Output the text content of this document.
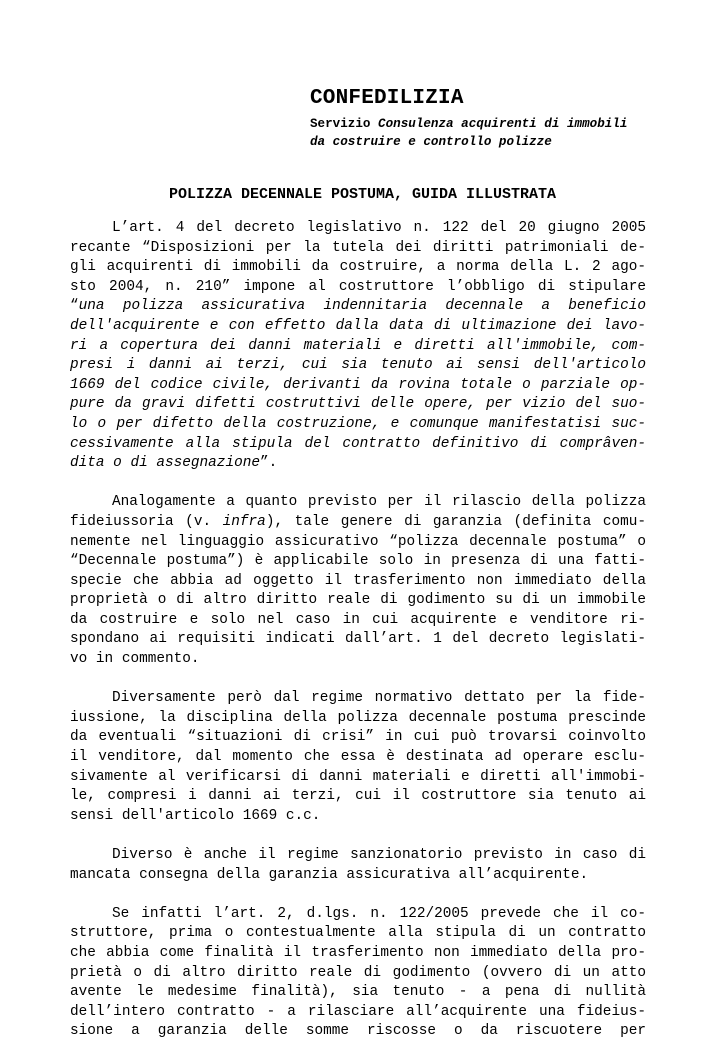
CONFEDILIZIA
Servizio Consulenza acquirenti di immobili
da costruire e controllo polizze
POLIZZA DECENNALE POSTUMA, GUIDA ILLUSTRATA
L’art. 4 del decreto legislativo n. 122 del 20 giugno 2005
recante “Disposizioni per la tutela dei diritti patrimoniali de-
gli acquirenti di immobili da costruire, a norma della L. 2 ago-
sto 2004, n. 210” impone al costruttore l’obbligo di stipulare
“una polizza assicurativa indennitaria decennale a beneficio
dell'acquirente e con effetto dalla data di ultimazione dei lavo-
ri a copertura dei danni materiali e diretti all'immobile, com-
presi i danni ai terzi, cui sia tenuto ai sensi dell'articolo
1669 del codice civile, derivanti da rovina totale o parziale op-
pure da gravi difetti costruttivi delle opere, per vizio del suo-
lo o per difetto della costruzione, e comunque manifestatisi suc-
cessivamente alla stipula del contratto definitivo di comprâven-
dita o di assegnazione”.
Analogamente a quanto previsto per il rilascio della polizza
fideiussoria (v. infra), tale genere di garanzia (definita comu-
nemente nel linguaggio assicurativo “polizza decennale postuma” o
“Decennale postuma”) è applicabile solo in presenza di una fatti-
specie che abbia ad oggetto il trasferimento non immediato della
proprietà o di altro diritto reale di godimento su di un immobile
da costruire e solo nel caso in cui acquirente e venditore ri-
spondano ai requisiti indicati dall’art. 1 del decreto legislati-
vo in commento.
Diversamente però dal regime normativo dettato per la fide-
iussione, la disciplina della polizza decennale postuma prescinde
da eventuali “situazioni di crisi” in cui può trovarsi coinvolto
il venditore, dal momento che essa è destinata ad operare esclu-
sivamente al verificarsi di danni materiali e diretti all'immobi-
le, compresi i danni ai terzi, cui il costruttore sia tenuto ai
sensi dell'articolo 1669 c.c.
Diverso è anche il regime sanzionatorio previsto in caso di
mancata consegna della garanzia assicurativa all’acquirente.
Se infatti l’art. 2, d.lgs. n. 122/2005 prevede che il co-
struttore, prima o contestualmente alla stipula di un contratto
che abbia come finalità il trasferimento non immediato della pro-
prietà o di altro diritto reale di godimento (ovvero di un atto
avente le medesime finalità), sia tenuto - a pena di nullità
dell’intero contratto - a rilasciare all’acquirente una fideius-
sione a garanzia delle somme riscosse o da riscuotere per
